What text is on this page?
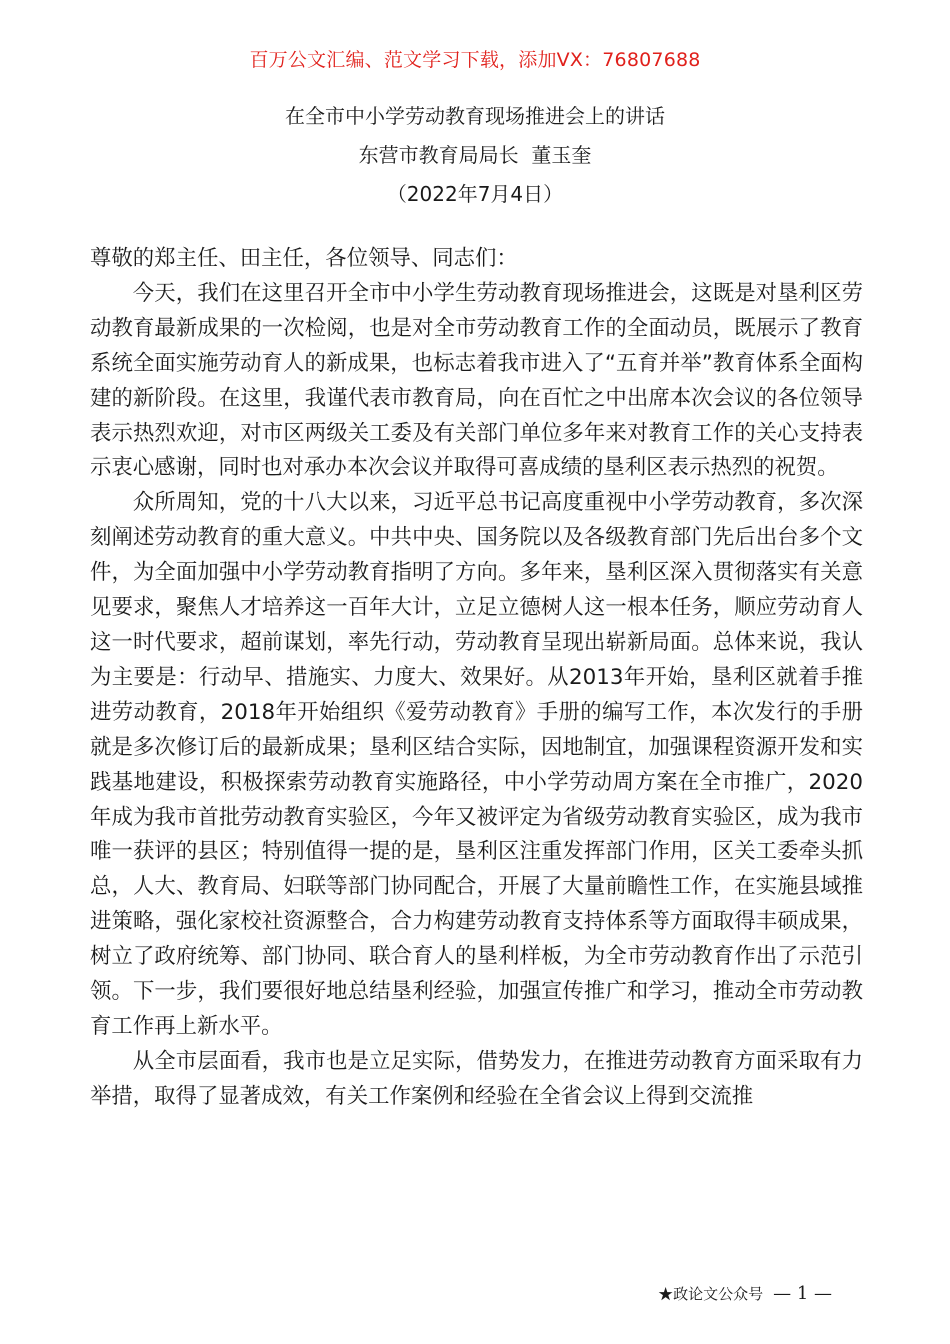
百万公文汇编、范文学习下载，添加VX：76807688
在全市中小学劳动教育现场推进会上的讲话
东营市教育局局长  董玉奎
（2022年7月4日）

尊敬的郑主任、田主任，各位领导、同志们：

今天，我们在这里召开全市中小学生劳动教育现场推进会，这既是对垦利区劳动教育最新成果的一次检阅，也是对全市劳动教育工作的全面动员，既展示了教育系统全面实施劳动育人的新成果，也标志着我市进入了“五育并举”教育体系全面构建的新阶段。在这里，我谨代表市教育局，向在百忙之中出席本次会议的各位领导表示热烈欢迎，对市区两级关工委及有关部门单位多年来对教育工作的关心支持表示衷心感谢，同时也对承办本次会议并取得可喜成绩的垦利区表示热烈的祝贺。

众所周知，党的十八大以来，习近平总书记高度重视中小学劳动教育，多次深刻阐述劳动教育的重大意义。中共中央、国务院以及各级教育部门先后出台多个文件，为全面加强中小学劳动教育指明了方向。多年来，垦利区深入贯彻落实有关意见要求，聚焦人才培养这一百年大计，立足立德树人这一根本任务，顺应劳动育人这一时代要求，超前谋划，率先行动，劳动教育呈现出崭新局面。总体来说，我认为主要是：行动早、措施实、力度大、效果好。从2013年开始，垦利区就着手推进劳动教育，2018年开始组织《爱劳动教育》手册的编写工作，本次发行的手册就是多次修订后的最新成果；垦利区结合实际，因地制宜，加强课程资源开发和实践基地建设，积极探索劳动教育实施路径，中小学劳动周方案在全市推广，2020年成为我市首批劳动教育实验区，今年又被评定为省级劳动教育实验区，成为我市唯一获评的县区；特别值得一提的是，垦利区注重发挥部门作用，区关工委牵头抓总，人大、教育局、妇联等部门协同配合，开展了大量前瞻性工作，在实施县域推进策略，强化家校社资源整合，合力构建劳动教育支持体系等方面取得丰硕成果，树立了政府统筹、部门协同、联合育人的垦利样板，为全市劳动教育作出了示范引领。下一步，我们要很好地总结垦利经验，加强宣传推广和学习，推动全市劳动教育工作再上新水平。

从全市层面看，我市也是立足实际，借势发力，在推进劳动教育方面采取有力举措，取得了显著成效，有关工作案例和经验在全省会议上得到交流推

★政论文公众号 — 1 —
